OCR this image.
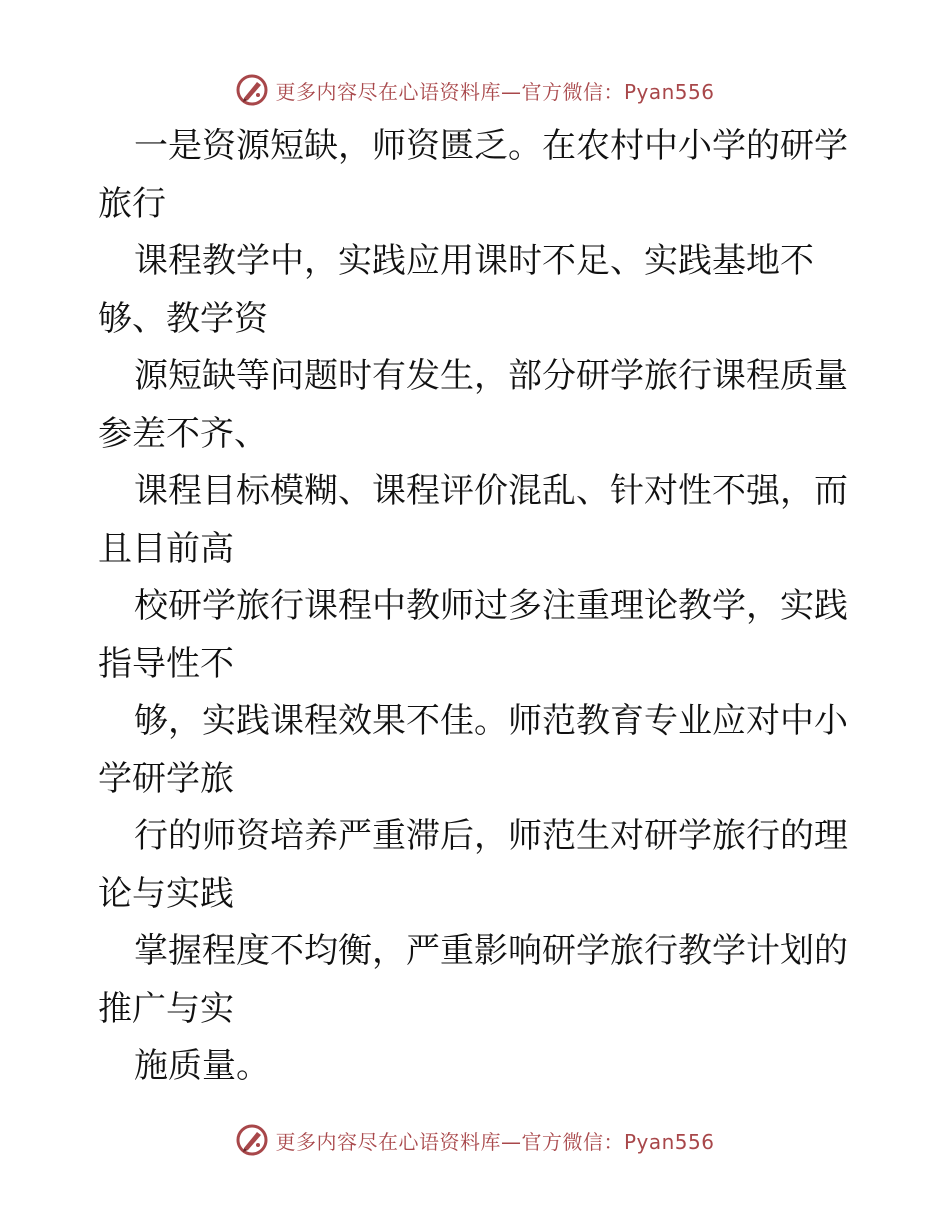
更多内容尽在心语资料库—官方微信：Pyan556
一是资源短缺，师资匮乏。在农村中小学的研学
旅行
课程教学中，实践应用课时不足、实践基地不
够、教学资
源短缺等问题时有发生，部分研学旅行课程质量
参差不齐、
课程目标模糊、课程评价混乱、针对性不强，而
且目前高
校研学旅行课程中教师过多注重理论教学，实践
指导性不
够，实践课程效果不佳。师范教育专业应对中小
学研学旅
行的师资培养严重滞后，师范生对研学旅行的理
论与实践
掌握程度不均衡，严重影响研学旅行教学计划的
推广与实
施质量。
更多内容尽在心语资料库—官方微信：Pyan556
